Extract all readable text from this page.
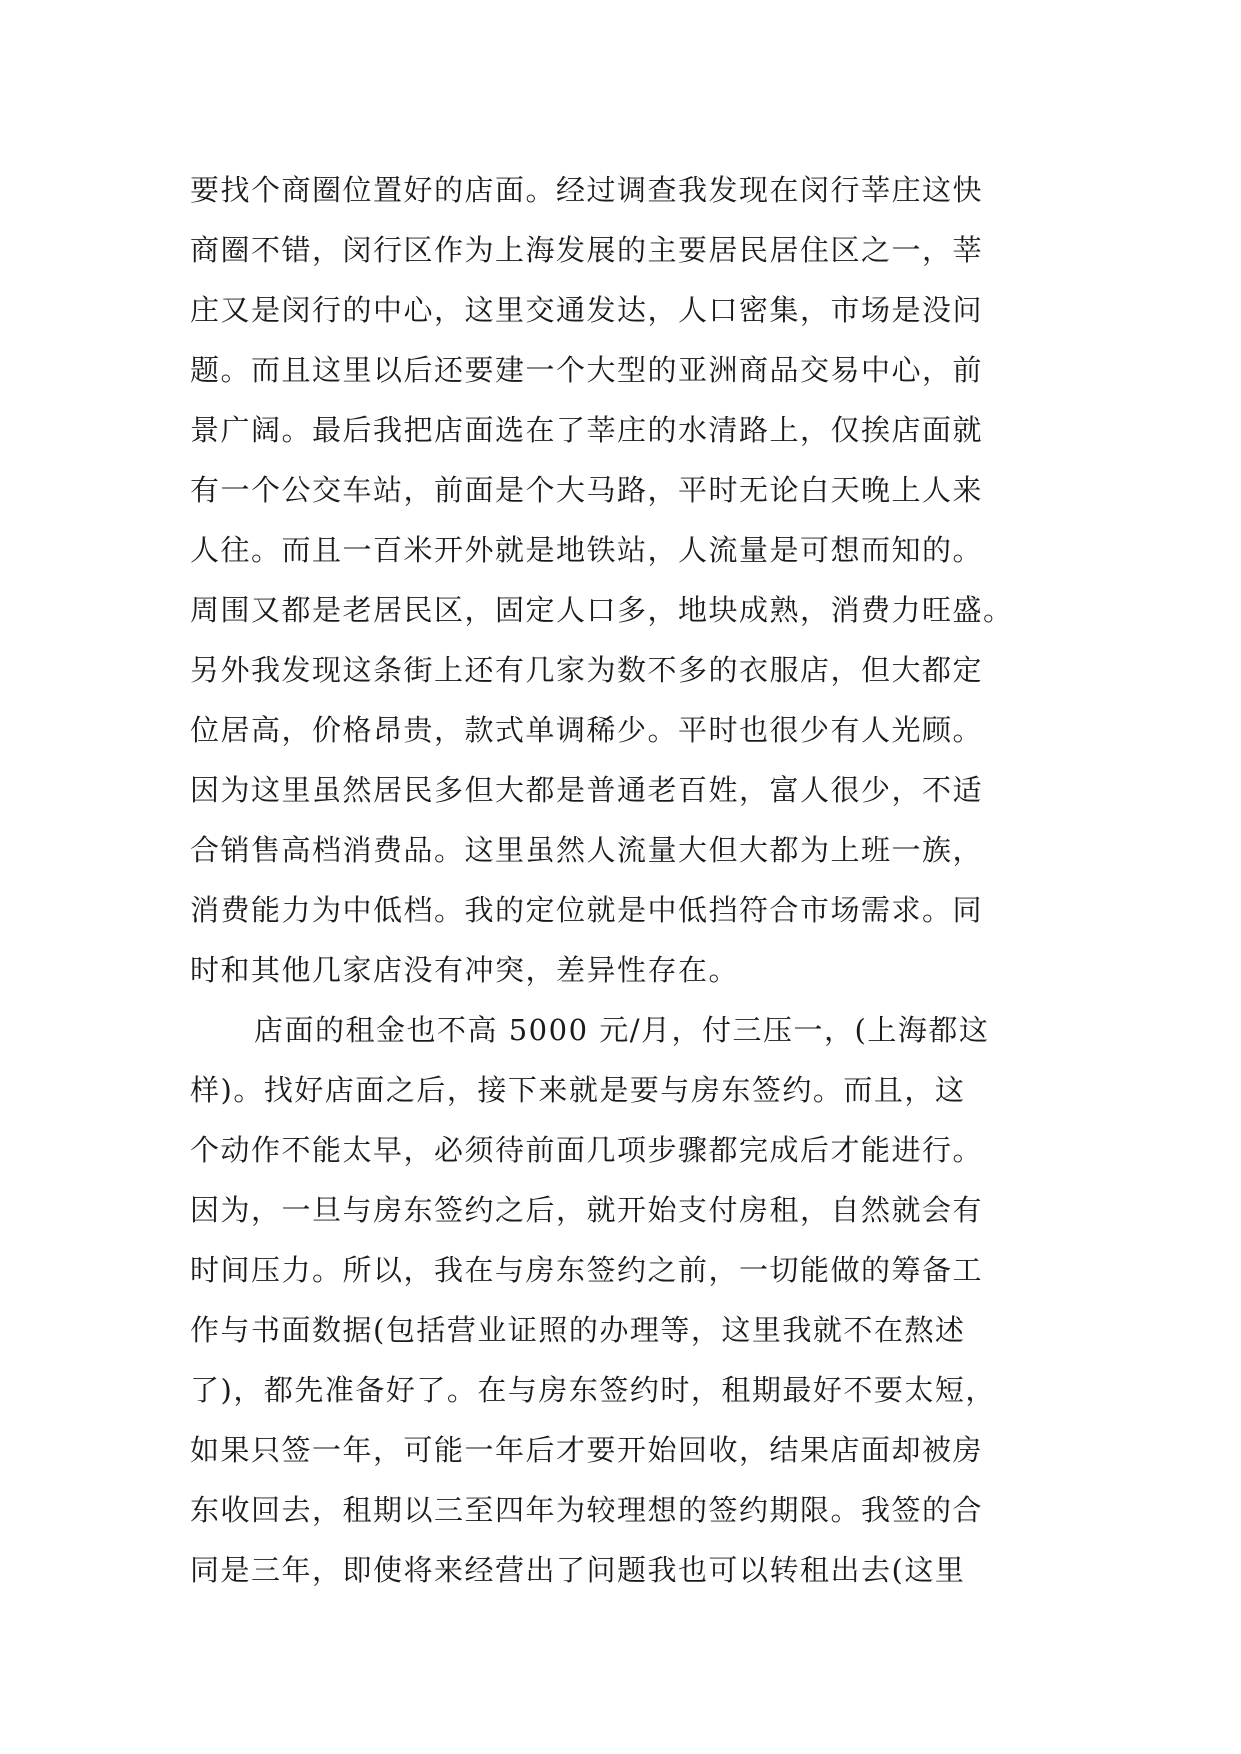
要找个商圈位置好的店面。经过调查我发现在闵行莘庄这快
商圈不错，闵行区作为上海发展的主要居民居住区之一，莘
庄又是闵行的中心，这里交通发达，人口密集，市场是没问
题。而且这里以后还要建一个大型的亚洲商品交易中心，前
景广阔。最后我把店面选在了莘庄的水清路上，仅挨店面就
有一个公交车站，前面是个大马路，平时无论白天晚上人来
人往。而且一百米开外就是地铁站，人流量是可想而知的。
周围又都是老居民区，固定人口多，地块成熟，消费力旺盛。
另外我发现这条街上还有几家为数不多的衣服店，但大都定
位居高，价格昂贵，款式单调稀少。平时也很少有人光顾。
因为这里虽然居民多但大都是普通老百姓，富人很少，不适
合销售高档消费品。这里虽然人流量大但大都为上班一族，
消费能力为中低档。我的定位就是中低挡符合市场需求。同
时和其他几家店没有冲突，差异性存在。
店面的租金也不高 5000 元/月，付三压一，(上海都这
样)。找好店面之后，接下来就是要与房东签约。而且，这
个动作不能太早，必须待前面几项步骤都完成后才能进行。
因为，一旦与房东签约之后，就开始支付房租，自然就会有
时间压力。所以，我在与房东签约之前，一切能做的筹备工
作与书面数据(包括营业证照的办理等，这里我就不在熬述
了)，都先准备好了。在与房东签约时，租期最好不要太短，
如果只签一年，可能一年后才要开始回收，结果店面却被房
东收回去，租期以三至四年为较理想的签约期限。我签的合
同是三年，即使将来经营出了问题我也可以转租出去(这里
